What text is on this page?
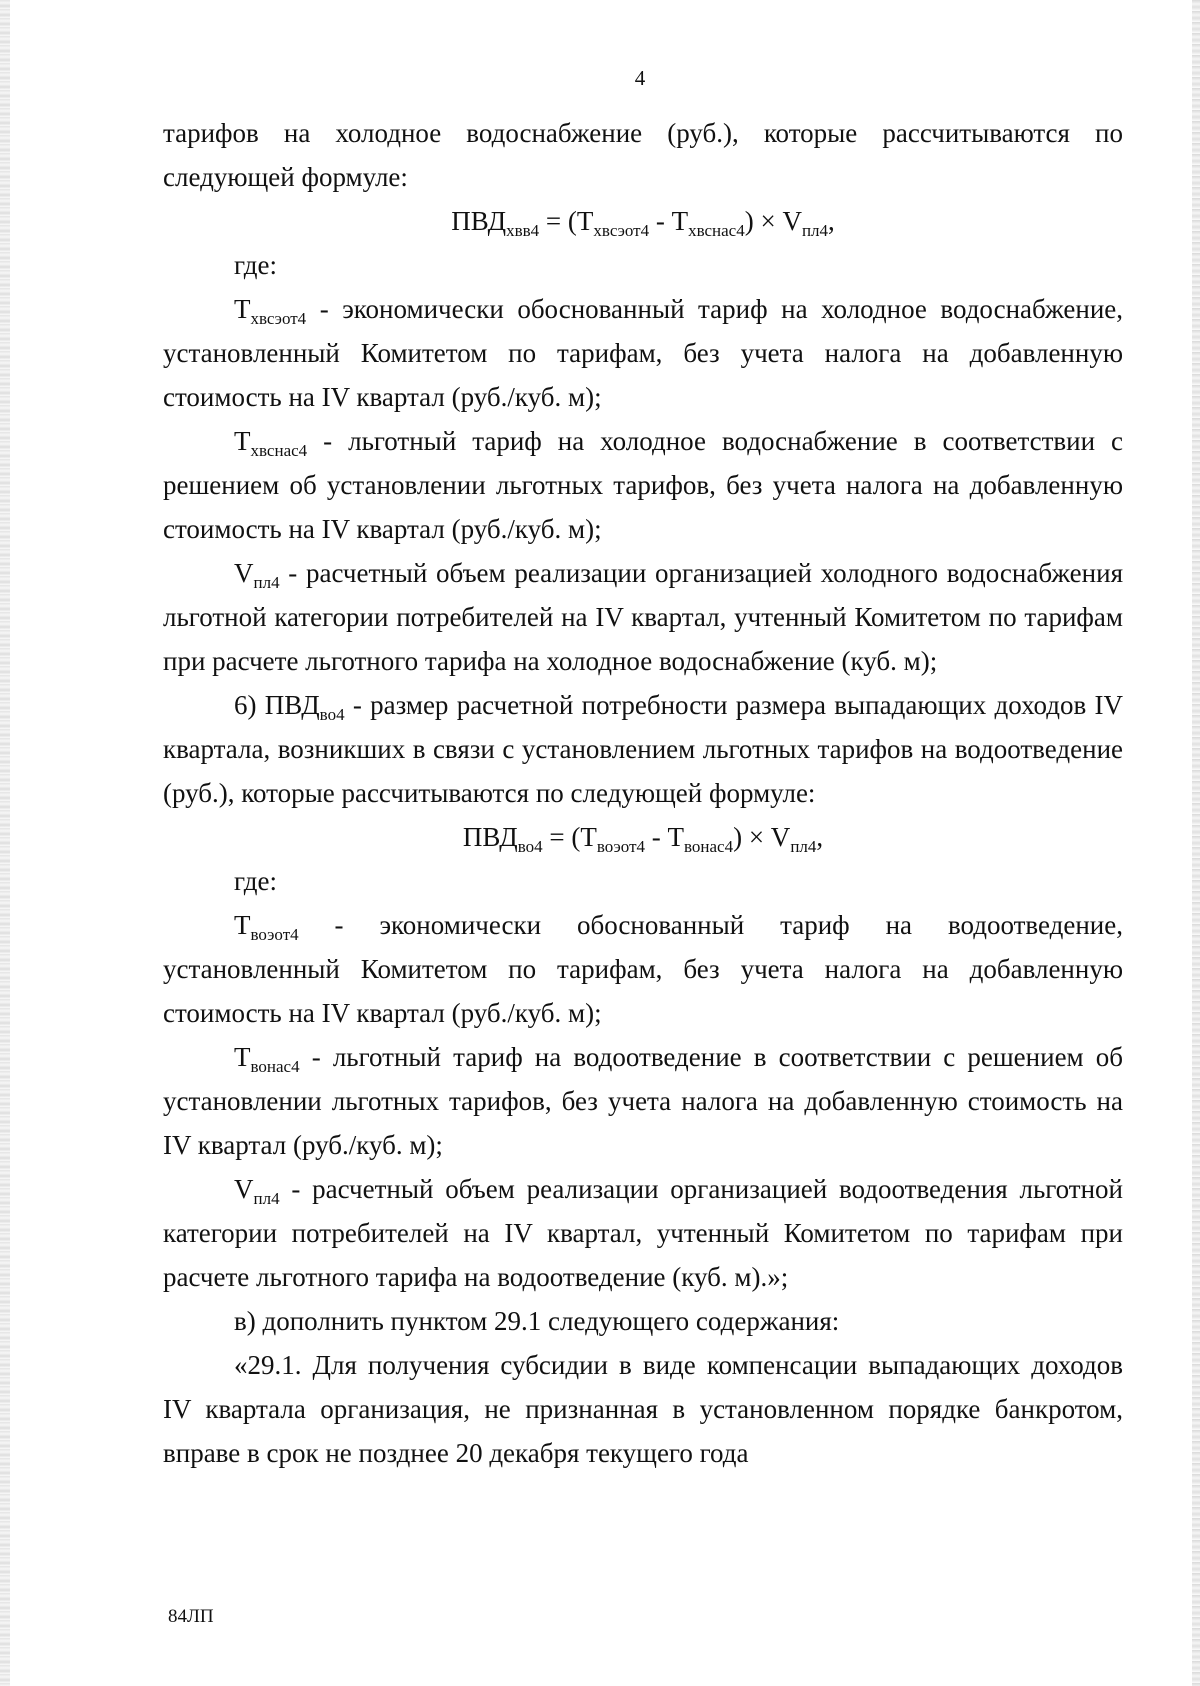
4

тарифов на холодное водоснабжение (руб.), которые рассчитываются по следующей формуле:

$ПВД_{хвв4} = (Т_{хвсэот4} - Т_{хвснас4}) \times V_{пл4}$,

где:

$Т_{хвсэот4}$ - экономически обоснованный тариф на холодное водоснабжение, установленный Комитетом по тарифам, без учета налога на добавленную стоимость на IV квартал (руб./куб. м);

$Т_{хвснас4}$ - льготный тариф на холодное водоснабжение в соответствии с решением об установлении льготных тарифов, без учета налога на добавленную стоимость на IV квартал (руб./куб. м);

$V_{пл4}$ - расчетный объем реализации организацией холодного водоснабжения льготной категории потребителей на IV квартал, учтенный Комитетом по тарифам при расчете льготного тарифа на холодное водоснабжение (куб. м);

6) $ПВД_{во4}$ - размер расчетной потребности размера выпадающих доходов IV квартала, возникших в связи с установлением льготных тарифов на водоотведение (руб.), которые рассчитываются по следующей формуле:

$ПВД_{во4} = (Т_{воэот4} - Т_{вонас4}) \times V_{пл4}$,

где:

$Т_{воэот4}$ - экономически обоснованный тариф на водоотведение, установленный Комитетом по тарифам, без учета налога на добавленную стоимость на IV квартал (руб./куб. м);

$Т_{вонас4}$ - льготный тариф на водоотведение в соответствии с решением об установлении льготных тарифов, без учета налога на добавленную стоимость на IV квартал (руб./куб. м);

$V_{пл4}$ - расчетный объем реализации организацией водоотведения льготной категории потребителей на IV квартал, учтенный Комитетом по тарифам при расчете льготного тарифа на водоотведение (куб. м).»;

в) дополнить пунктом 29.1 следующего содержания:

«29.1. Для получения субсидии в виде компенсации выпадающих доходов IV квартала организация, не признанная в установленном порядке банкротом, вправе в срок не позднее 20 декабря текущего года

84ЛП
